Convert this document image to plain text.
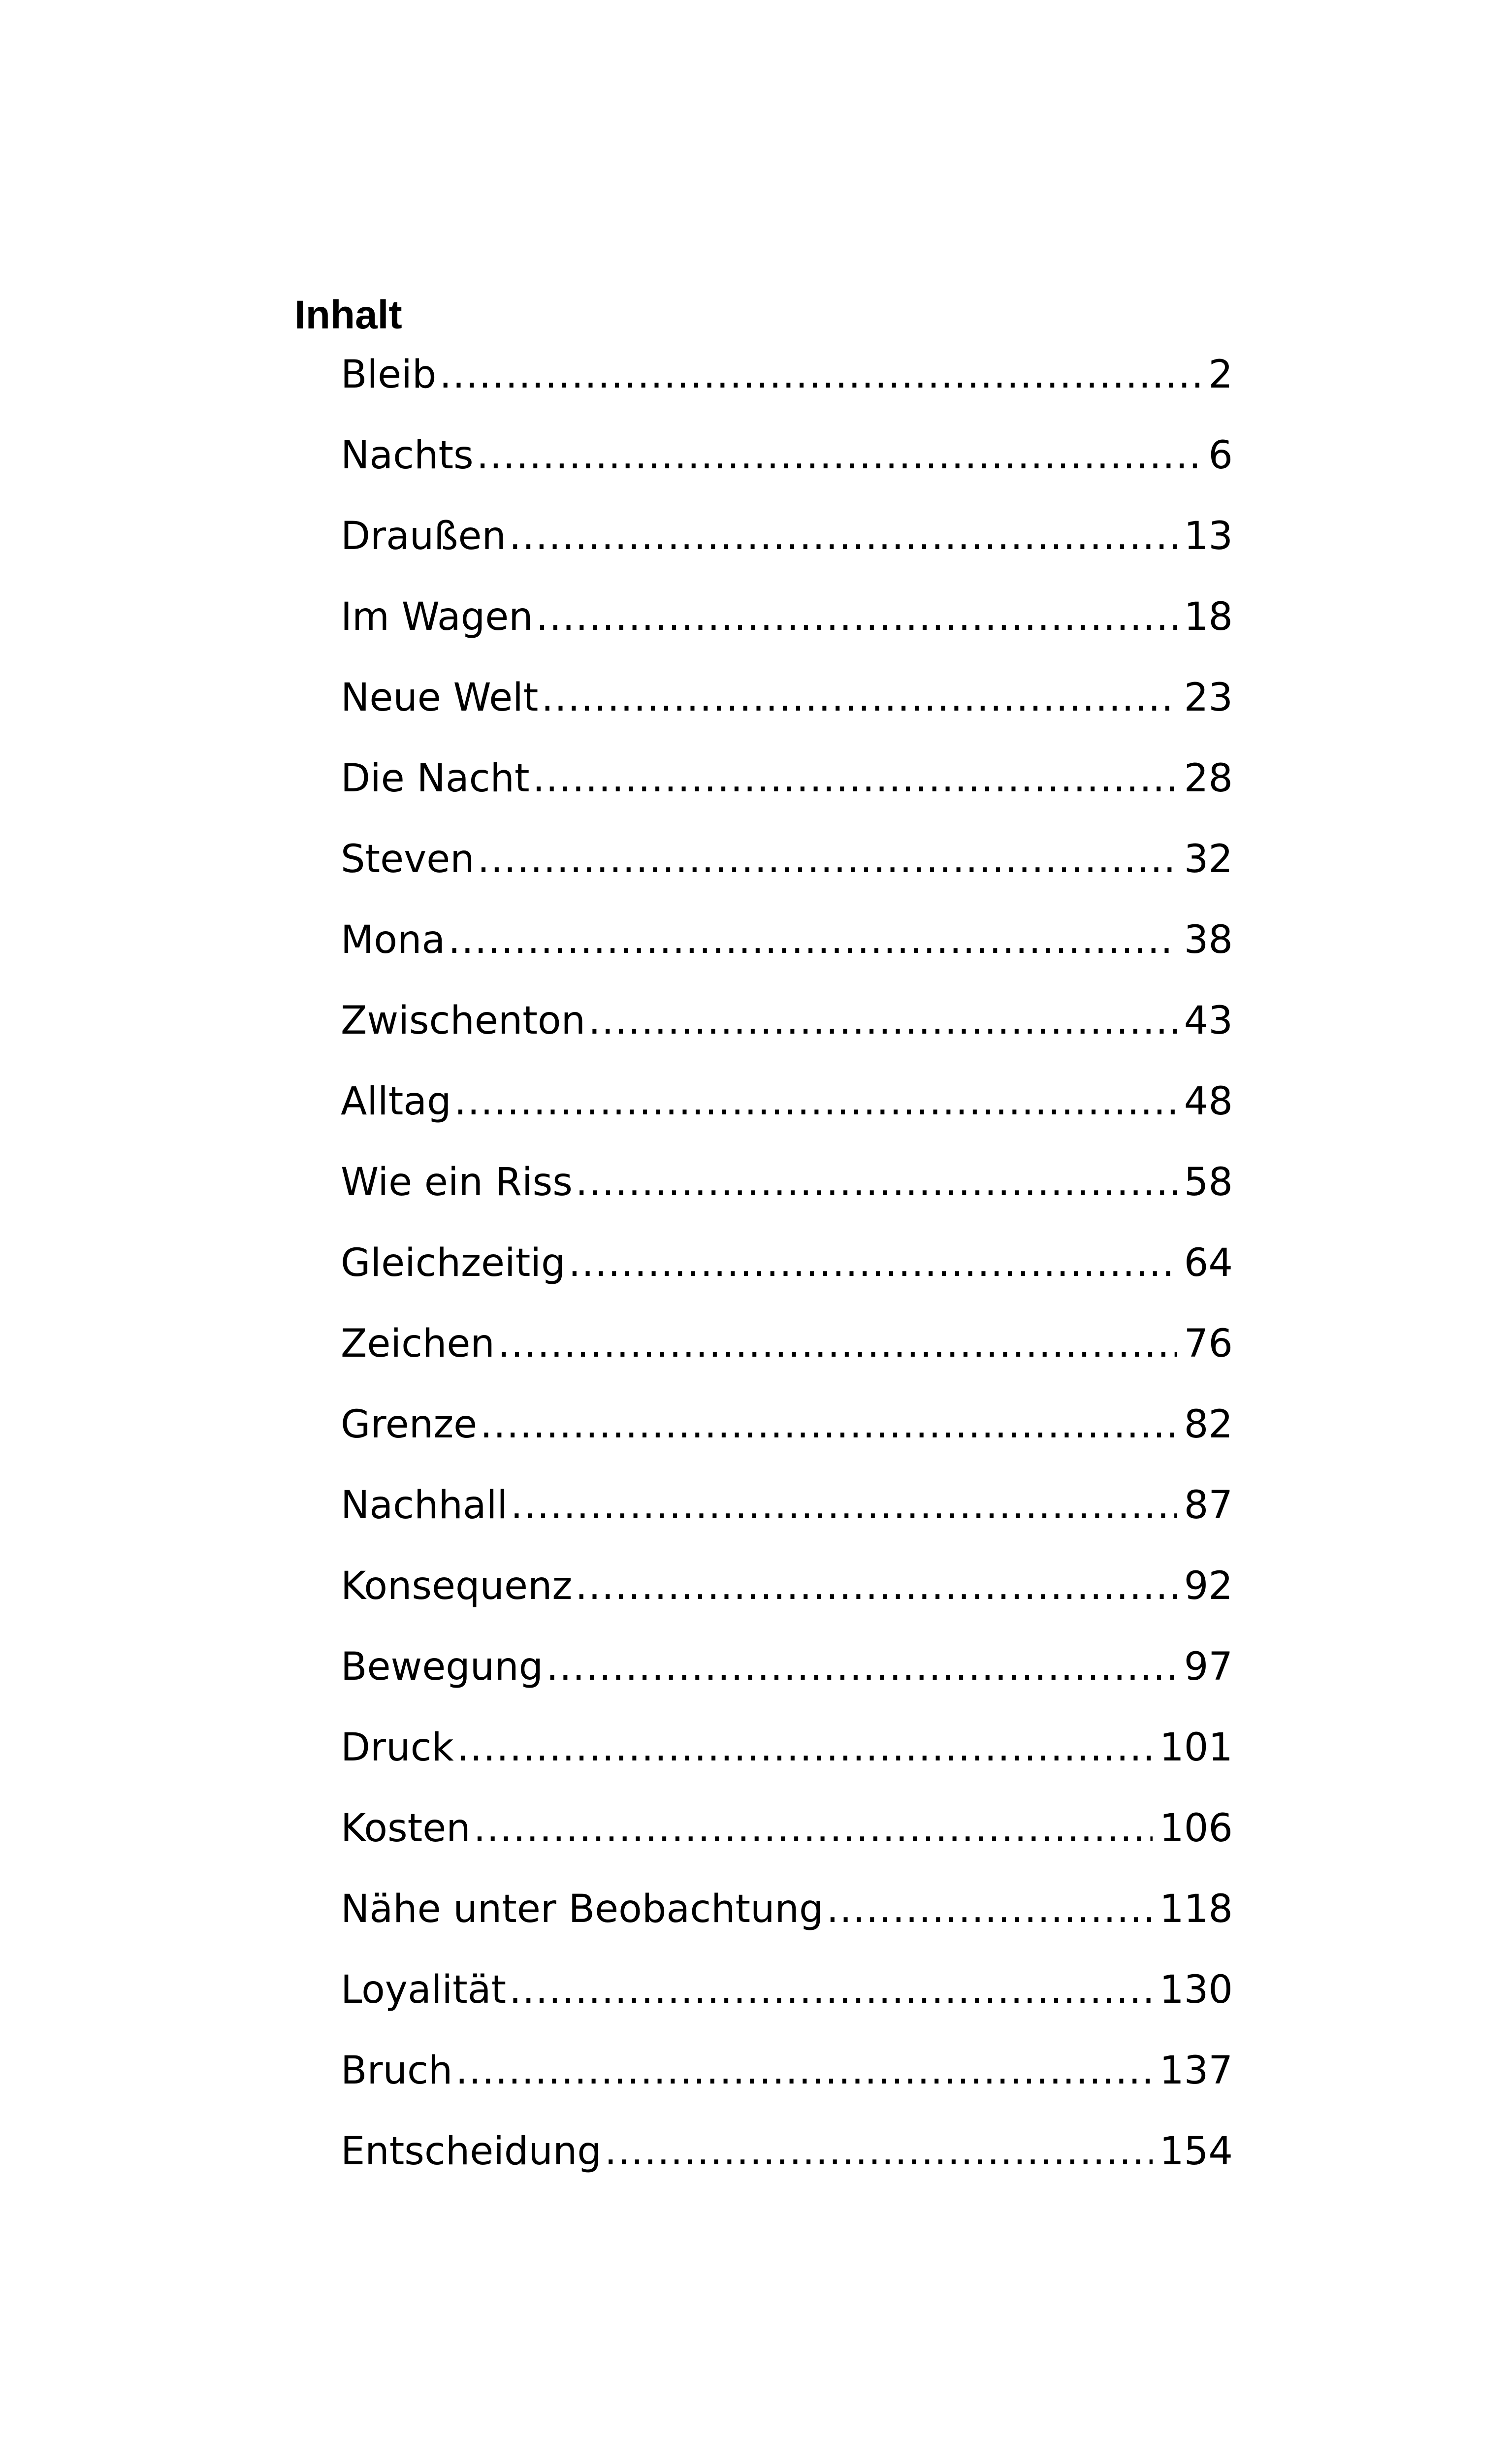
Inhalt
Bleib .....	2
Nachts .....	6
Draußen .....	13
Im Wagen .....	18
Neue Welt .....	23
Die Nacht .....	28
Steven .....	32
Mona .....	38
Zwischenton .....	43
Alltag .....	48
Wie ein Riss .....	58
Gleichzeitig .....	64
Zeichen .....	76
Grenze .....	82
Nachhall .....	87
Konsequenz .....	92
Bewegung .....	97
Druck .....	101
Kosten .....	106
Nähe unter Beobachtung .....	118
Loyalität .....	130
Bruch .....	137
Entscheidung .....	154
